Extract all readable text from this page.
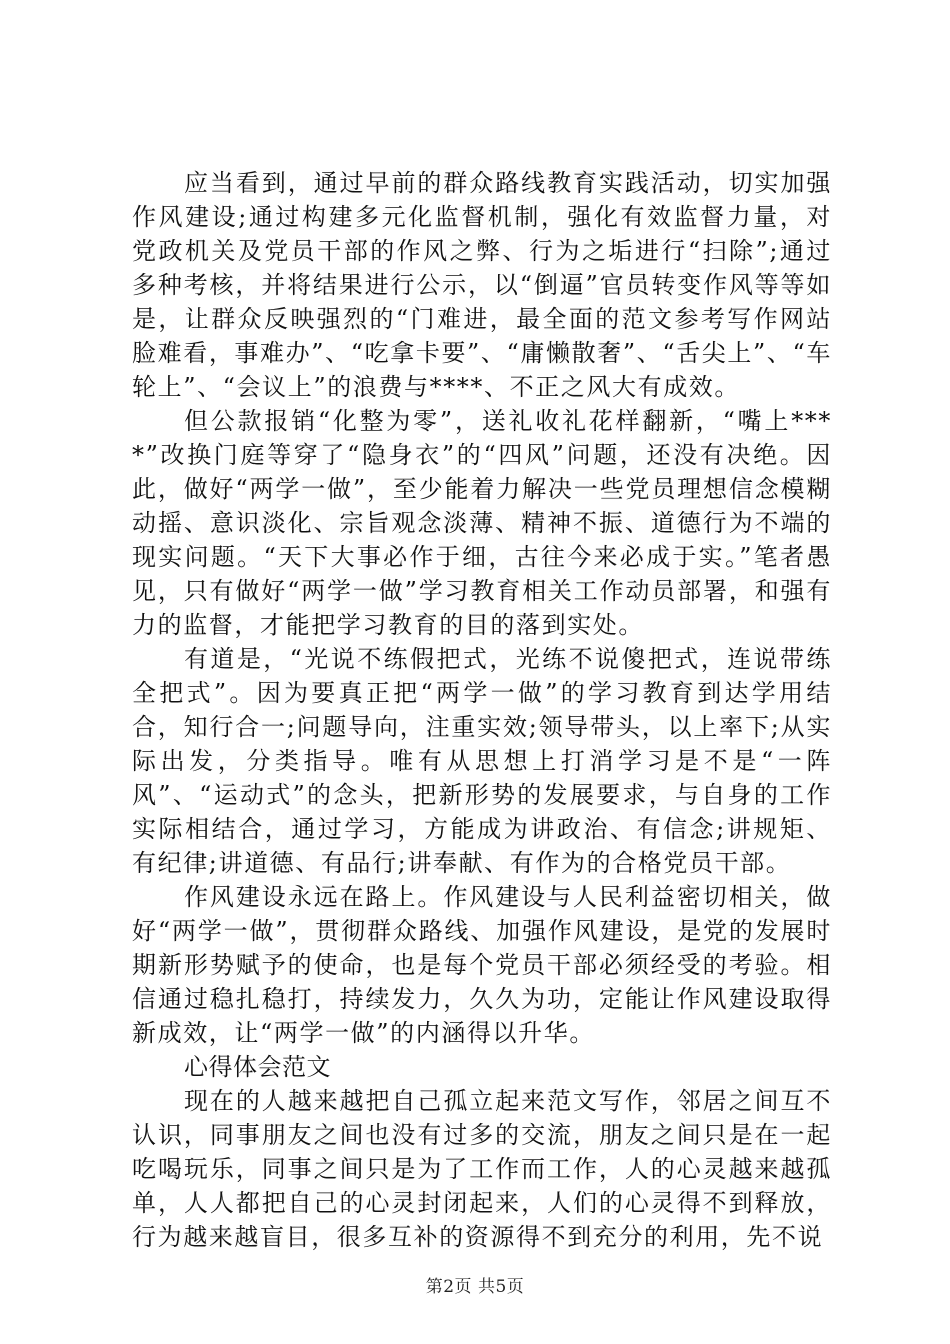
应当看到，通过早前的群众路线教育实践活动，切实加强作风建设;通过构建多元化监督机制，强化有效监督力量，对党政机关及党员干部的作风之弊、行为之垢进行“扫除”;通过多种考核，并将结果进行公示，以“倒逼”官员转变作风等等如是，让群众反映强烈的“门难进，最全面的范文参考写作网站脸难看，事难办”、“吃拿卡要”、“庸懒散奢”、“舌尖上”、“车轮上”、“会议上”的浪费与****、不正之风大有成效。

但公款报销“化整为零”，送礼收礼花样翻新，“嘴上****”改换门庭等穿了“隐身衣”的“四风”问题，还没有决绝。因此，做好“两学一做”，至少能着力解决一些党员理想信念模糊动摇、意识淡化、宗旨观念淡薄、精神不振、道德行为不端的现实问题。“天下大事必作于细，古往今来必成于实。”笔者愚见，只有做好“两学一做”学习教育相关工作动员部署，和强有力的监督，才能把学习教育的目的落到实处。

有道是，“光说不练假把式，光练不说傻把式，连说带练全把式”。因为要真正把“两学一做”的学习教育到达学用结合，知行合一;问题导向，注重实效;领导带头，以上率下;从实际出发，分类指导。唯有从思想上打消学习是不是“一阵风”、“运动式”的念头，把新形势的发展要求，与自身的工作实际相结合，通过学习，方能成为讲政治、有信念;讲规矩、有纪律;讲道德、有品行;讲奉献、有作为的合格党员干部。

作风建设永远在路上。作风建设与人民利益密切相关，做好“两学一做”，贯彻群众路线、加强作风建设，是党的发展时期新形势赋予的使命，也是每个党员干部必须经受的考验。相信通过稳扎稳打，持续发力，久久为功，定能让作风建设取得新成效，让“两学一做”的内涵得以升华。

心得体会范文

现在的人越来越把自己孤立起来范文写作，邻居之间互不认识，同事朋友之间也没有过多的交流，朋友之间只是在一起吃喝玩乐，同事之间只是为了工作而工作，人的心灵越来越孤单，人人都把自己的心灵封闭起来，人们的心灵得不到释放，行为越来越盲目，很多互补的资源得不到充分的利用，先不说

第2页 共5页
